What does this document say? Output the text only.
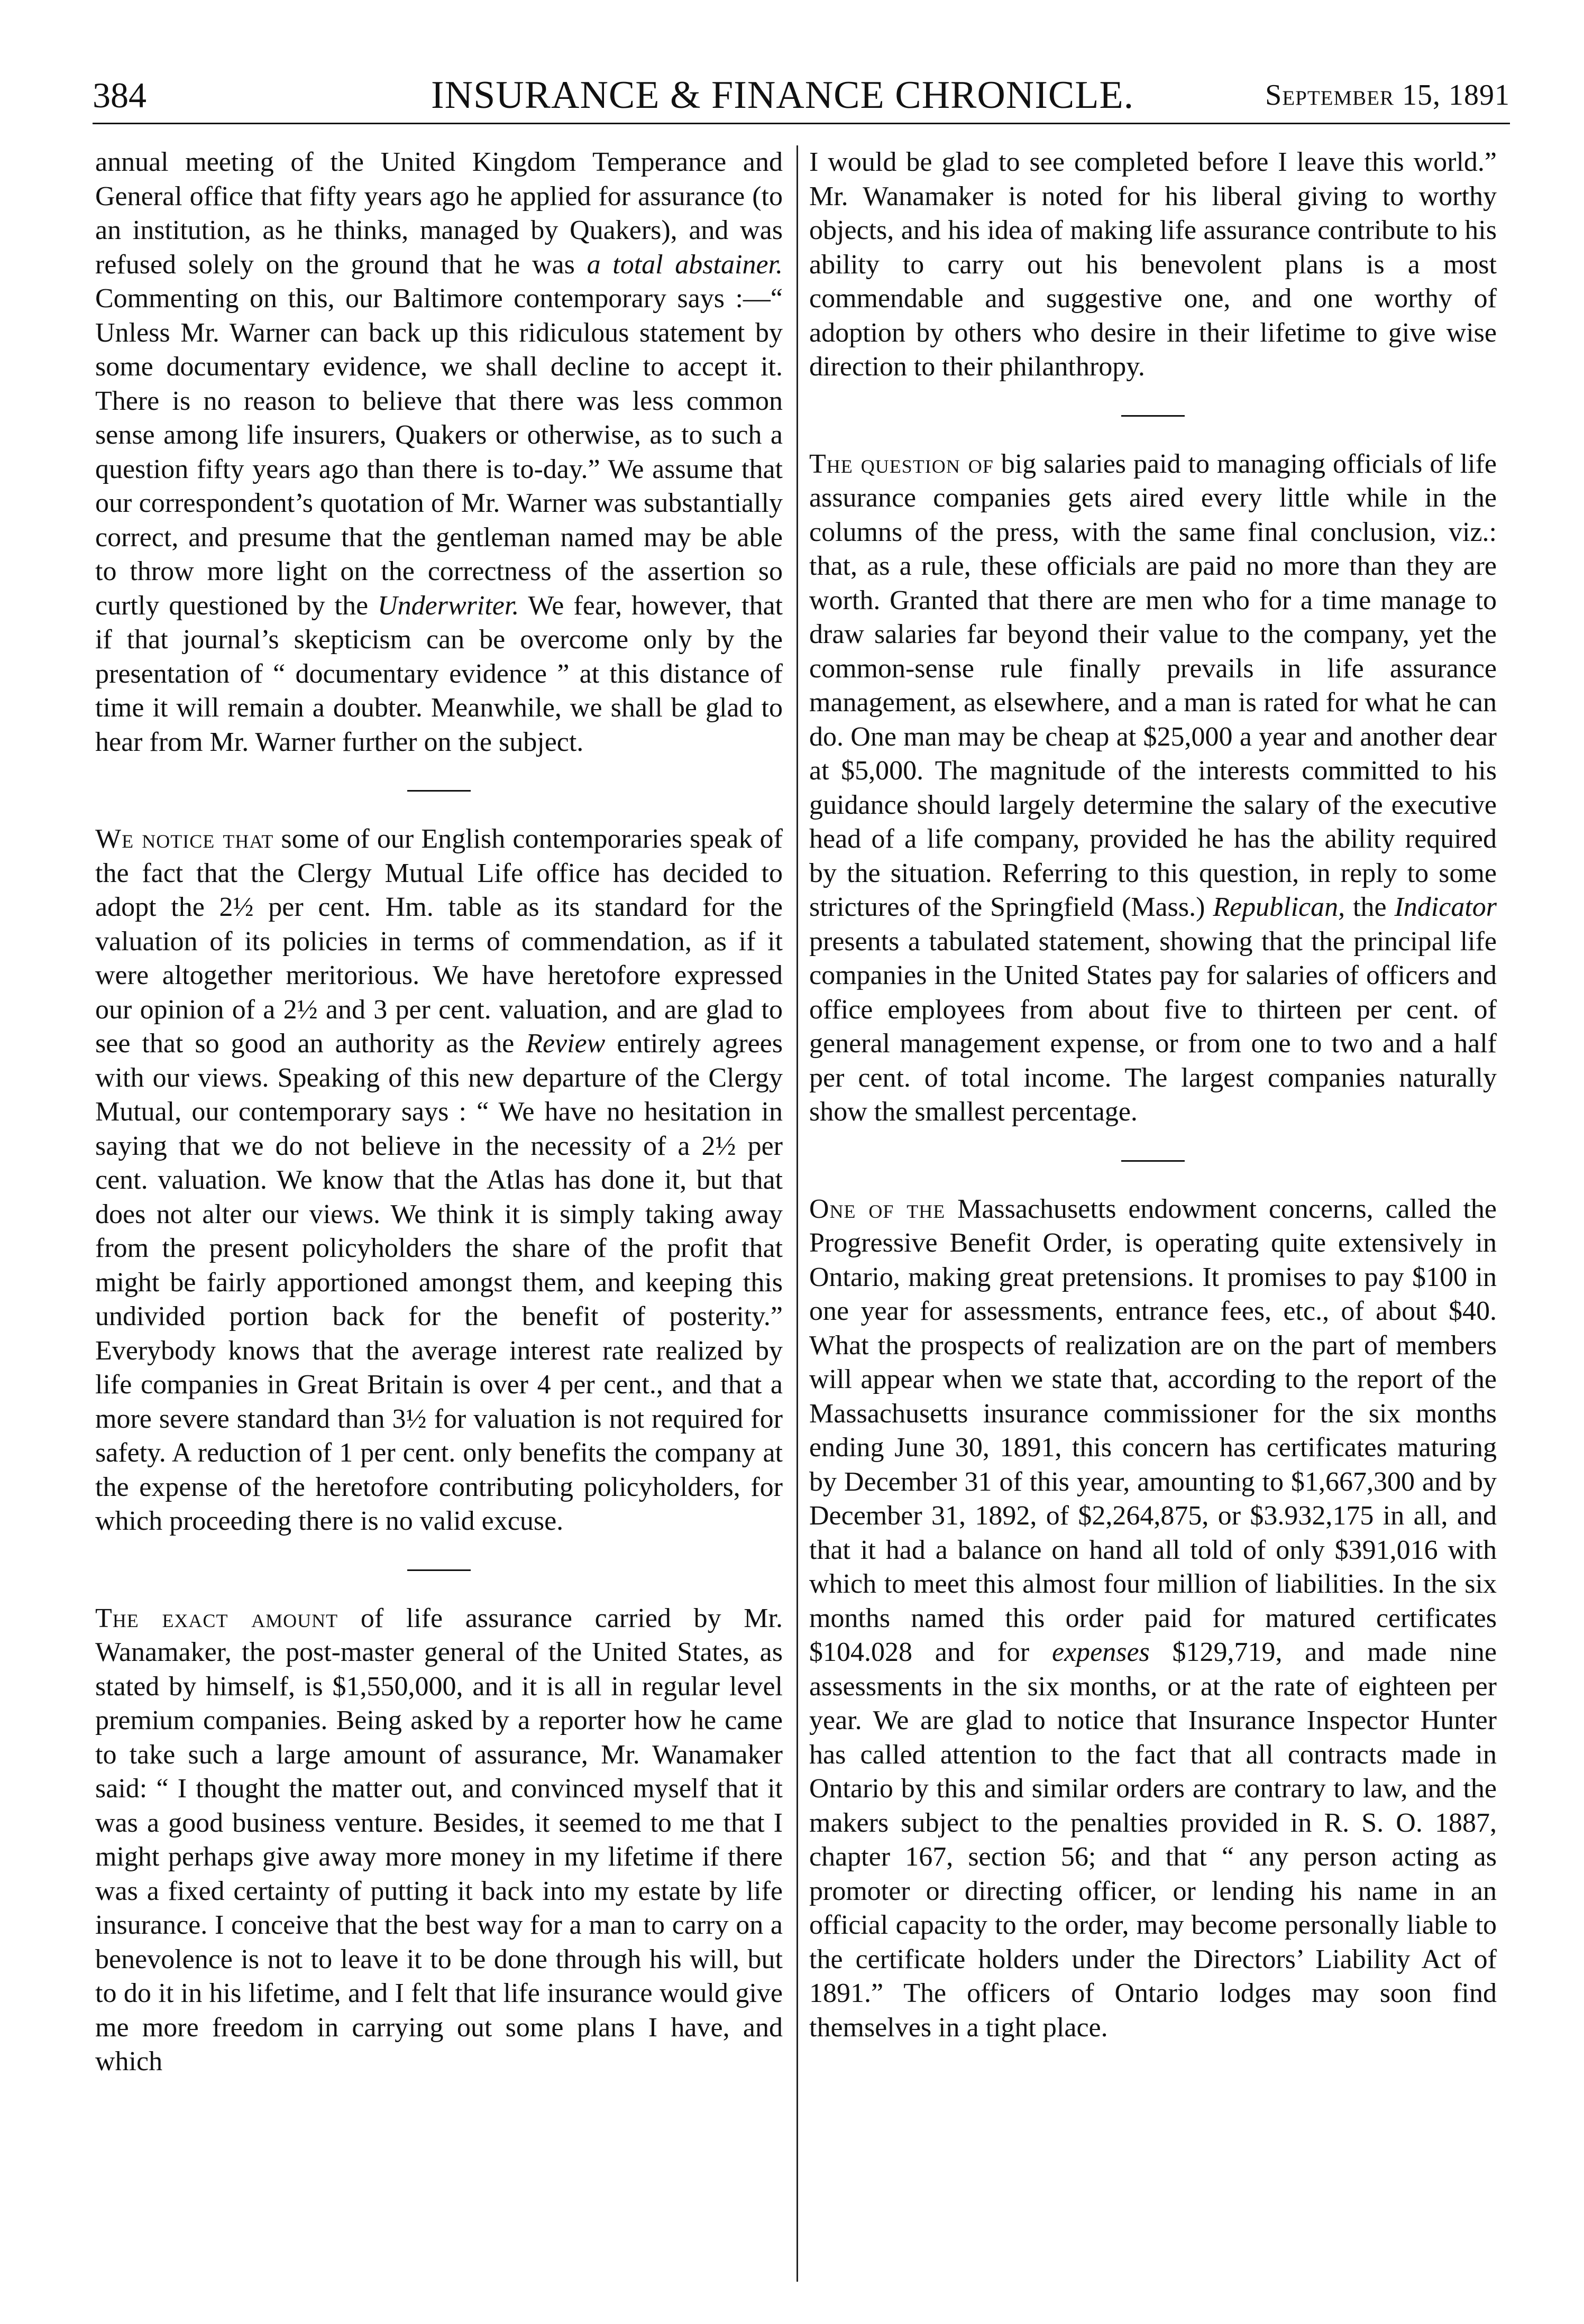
384	INSURANCE & FINANCE CHRONICLE.	September 15, 1891

annual meeting of the United Kingdom Temperance and General office that fifty years ago he applied for assurance (to an institution, as he thinks, managed by Quakers), and was refused solely on the ground that he was a total abstainer. Commenting on this, our Baltimore contemporary says :—“ Unless Mr. Warner can back up this ridiculous statement by some documentary evidence, we shall decline to accept it. There is no reason to believe that there was less common sense among life insurers, Quakers or otherwise, as to such a question fifty years ago than there is to-day.” We assume that our correspondent’s quotation of Mr. Warner was substantially correct, and presume that the gentleman named may be able to throw more light on the correctness of the assertion so curtly questioned by the Underwriter. We fear, however, that if that journal’s skepticism can be overcome only by the presentation of “ documentary evidence ” at this distance of time it will remain a doubter. Meanwhile, we shall be glad to hear from Mr. Warner further on the subject.

We notice that some of our English contemporaries speak of the fact that the Clergy Mutual Life office has decided to adopt the 2½ per cent. Hm. table as its standard for the valuation of its policies in terms of commendation, as if it were altogether meritorious. We have heretofore expressed our opinion of a 2½ and 3 per cent. valuation, and are glad to see that so good an authority as the Review entirely agrees with our views. Speaking of this new departure of the Clergy Mutual, our contemporary says : “ We have no hesitation in saying that we do not believe in the necessity of a 2½ per cent. valuation. We know that the Atlas has done it, but that does not alter our views. We think it is simply taking away from the present policyholders the share of the profit that might be fairly apportioned amongst them, and keeping this undivided portion back for the benefit of posterity.” Everybody knows that the average interest rate realized by life companies in Great Britain is over 4 per cent., and that a more severe standard than 3½ for valuation is not required for safety. A reduction of 1 per cent. only benefits the company at the expense of the heretofore contributing policyholders, for which proceeding there is no valid excuse.

The exact amount of life assurance carried by Mr. Wanamaker, the post-master general of the United States, as stated by himself, is $1,550,000, and it is all in regular level premium companies. Being asked by a reporter how he came to take such a large amount of assurance, Mr. Wanamaker said: “ I thought the matter out, and convinced myself that it was a good business venture. Besides, it seemed to me that I might perhaps give away more money in my lifetime if there was a fixed certainty of putting it back into my estate by life insurance. I conceive that the best way for a man to carry on a benevolence is not to leave it to be done through his will, but to do it in his lifetime, and I felt that life insurance would give me more freedom in carrying out some plans I have, and which

I would be glad to see completed before I leave this world.” Mr. Wanamaker is noted for his liberal giving to worthy objects, and his idea of making life assurance contribute to his ability to carry out his benevolent plans is a most commendable and suggestive one, and one worthy of adoption by others who desire in their lifetime to give wise direction to their philanthropy.

The question of big salaries paid to managing officials of life assurance companies gets aired every little while in the columns of the press, with the same final conclusion, viz.: that, as a rule, these officials are paid no more than they are worth. Granted that there are men who for a time manage to draw salaries far beyond their value to the company, yet the common-sense rule finally prevails in life assurance management, as elsewhere, and a man is rated for what he can do. One man may be cheap at $25,000 a year and another dear at $5,000. The magnitude of the interests committed to his guidance should largely determine the salary of the executive head of a life company, provided he has the ability required by the situation. Referring to this question, in reply to some strictures of the Springfield (Mass.) Republican, the Indicator presents a tabulated statement, showing that the principal life companies in the United States pay for salaries of officers and office employees from about five to thirteen per cent. of general management expense, or from one to two and a half per cent. of total income. The largest companies naturally show the smallest percentage.

One of the Massachusetts endowment concerns, called the Progressive Benefit Order, is operating quite extensively in Ontario, making great pretensions. It promises to pay $100 in one year for assessments, entrance fees, etc., of about $40. What the prospects of realization are on the part of members will appear when we state that, according to the report of the Massachusetts insurance commissioner for the six months ending June 30, 1891, this concern has certificates maturing by December 31 of this year, amounting to $1,667,300 and by December 31, 1892, of $2,264,875, or $3.932,175 in all, and that it had a balance on hand all told of only $391,016 with which to meet this almost four million of liabilities. In the six months named this order paid for matured certificates $104.028 and for expenses $129,719, and made nine assessments in the six months, or at the rate of eighteen per year. We are glad to notice that Insurance Inspector Hunter has called attention to the fact that all contracts made in Ontario by this and similar orders are contrary to law, and the makers subject to the penalties provided in R. S. O. 1887, chapter 167, section 56; and that “ any person acting as promoter or directing officer, or lending his name in an official capacity to the order, may become personally liable to the certificate holders under the Directors’ Liability Act of 1891.” The officers of Ontario lodges may soon find themselves in a tight place.
